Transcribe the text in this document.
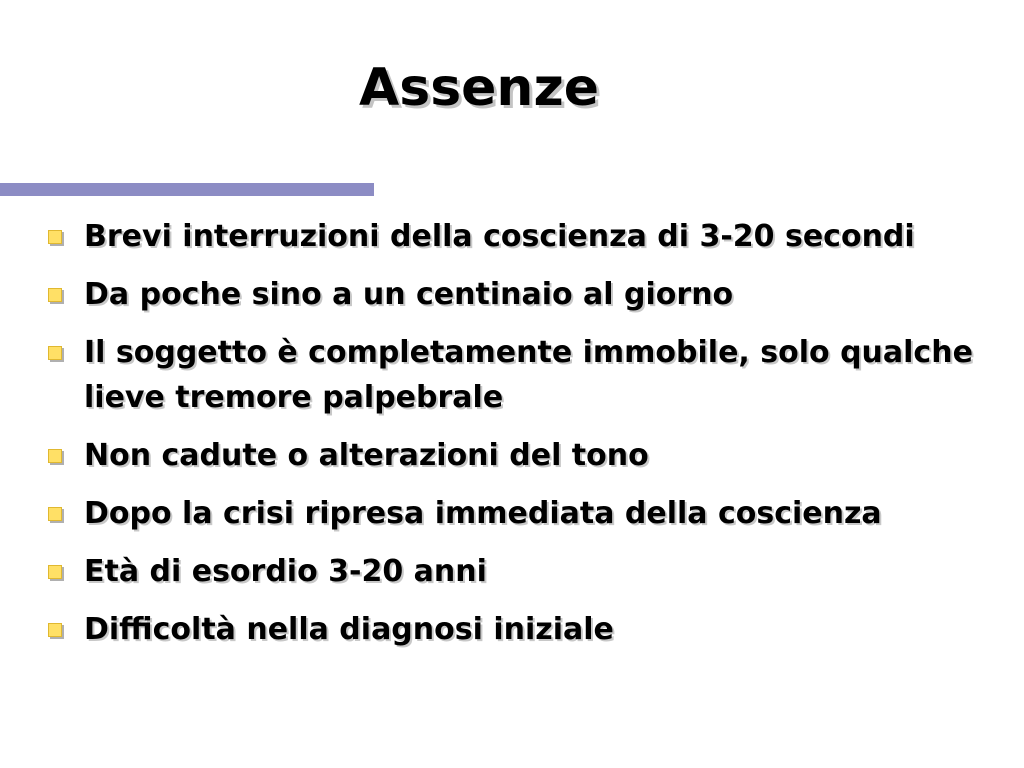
Assenze
Brevi interruzioni della coscienza di 3-20 secondi
Da poche sino a un centinaio al giorno
Il soggetto è completamente immobile, solo qualche lieve tremore palpebrale
Non cadute o alterazioni del tono
Dopo la crisi ripresa immediata della coscienza
Età di esordio 3-20 anni
Difficoltà nella diagnosi iniziale
